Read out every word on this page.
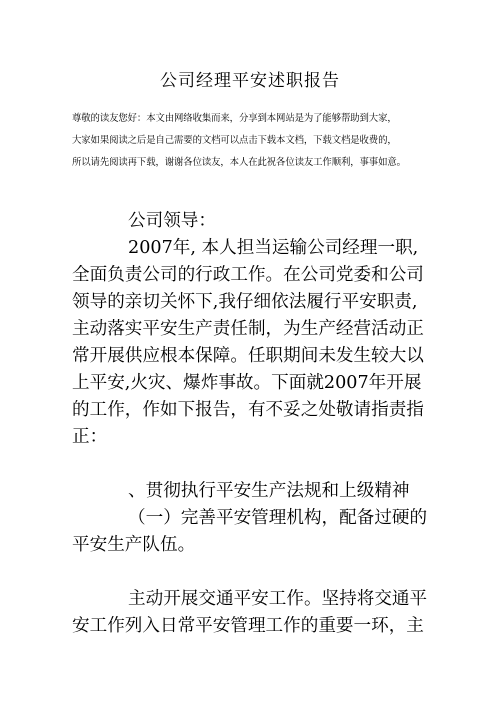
公司经理平安述职报告
尊敬的读友您好：本文由网络收集而来，分享到本网站是为了能够帮助到大家，
大家如果阅读之后是自己需要的文档可以点击下载本文档，下载文档是收费的，
所以请先阅读再下载，谢谢各位读友，本人在此祝各位读友工作顺利，事事如意。
公司领导：
2007年, 本人担当运输公司经理一职,
全面负责公司的行政工作。在公司党委和公司
领导的亲切关怀下,我仔细依法履行平安职责,
主动落实平安生产责任制，为生产经营活动正
常开展供应根本保障。任职期间未发生较大以
上平安,火灾、爆炸事故。下面就2007年开展
的工作，作如下报告，有不妥之处敬请指责指
正：
、贯彻执行平安生产法规和上级精神
（一）完善平安管理机构，配备过硬的
平安生产队伍。
主动开展交通平安工作。坚持将交通平
安工作列入日常平安管理工作的重要一环，主
